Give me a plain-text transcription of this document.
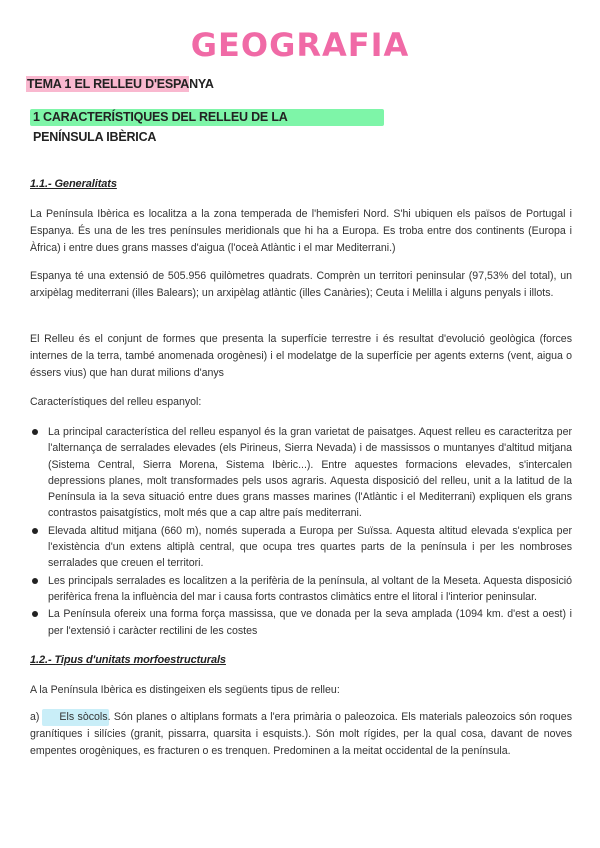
GEOGRAFIA
TEMA 1 EL RELLEU D'ESPANYA
1 CARACTERÍSTIQUES DEL RELLEU DE LA
PENÍNSULA IBÈRICA
1.1.- Generalitats
La Península Ibèrica es localitza a la zona temperada de l'hemisferi Nord. S'hi ubiquen els països de Portugal i Espanya. És una de les tres penínsules meridionals que hi ha a Europa. Es troba entre dos continents (Europa i Àfrica) i entre dues grans masses d'aigua (l'oceà Atlàntic i el mar Mediterrani.)
Espanya té una extensió de 505.956 quilòmetres quadrats. Comprèn un territori peninsular (97,53% del total), un arxipèlag mediterrani (illes Balears); un arxipèlag atlàntic (illes Canàries); Ceuta i Melilla i alguns penyals i illots.
El Relleu és el conjunt de formes que presenta la superfície terrestre i és resultat d'evolució geològica (forces internes de la terra, també anomenada orogènesi) i el modelatge de la superfície per agents externs (vent, aigua o éssers vius) que han durat milions d'anys
Característiques del relleu espanyol:
La principal característica del relleu espanyol és la gran varietat de paisatges. Aquest relleu es caracteritza per l'alternança de serralades elevades (els Pirineus, Sierra Nevada) i de massissos o muntanyes d'altitud mitjana (Sistema Central, Sierra Morena, Sistema Ibèric...). Entre aquestes formacions elevades, s'intercalen depressions planes, molt transformades pels usos agraris. Aquesta disposició del relleu, unit a la latitud de la Península ia la seva situació entre dues grans masses marines (l'Atlàntic i el Mediterrani) expliquen els grans contrastos paisatgístics, molt més que a cap altre país mediterrani.
Elevada altitud mitjana (660 m), només superada a Europa per Suïssa. Aquesta altitud elevada s'explica per l'existència d'un extens altiplà central, que ocupa tres quartes parts de la península i per les nombroses serralades que creuen el territori.
Les principals serralades es localitzen a la perifèria de la península, al voltant de la Meseta. Aquesta disposició perifèrica frena la influència del mar i causa forts contrastos climàtics entre el litoral i l'interior peninsular.
La Península ofereix una forma força massissa, que ve donada per la seva amplada (1094 km. d'est a oest) i per l'extensió i caràcter rectilini de les costes
1.2.- Tipus d'unitats morfoestructurals
A la Península Ibèrica es distingeixen els següents tipus de relleu:
a) Els sòcols. Són planes o altiplans formats a l'era primària o paleozoica. Els materials paleozoics són roques granítiques i silícies (granit, pissarra, quarsita i esquists.). Són molt rígides, per la qual cosa, davant de noves empentes orogèniques, es fracturen o es trenquen. Predominen a la meitat occidental de la península.
